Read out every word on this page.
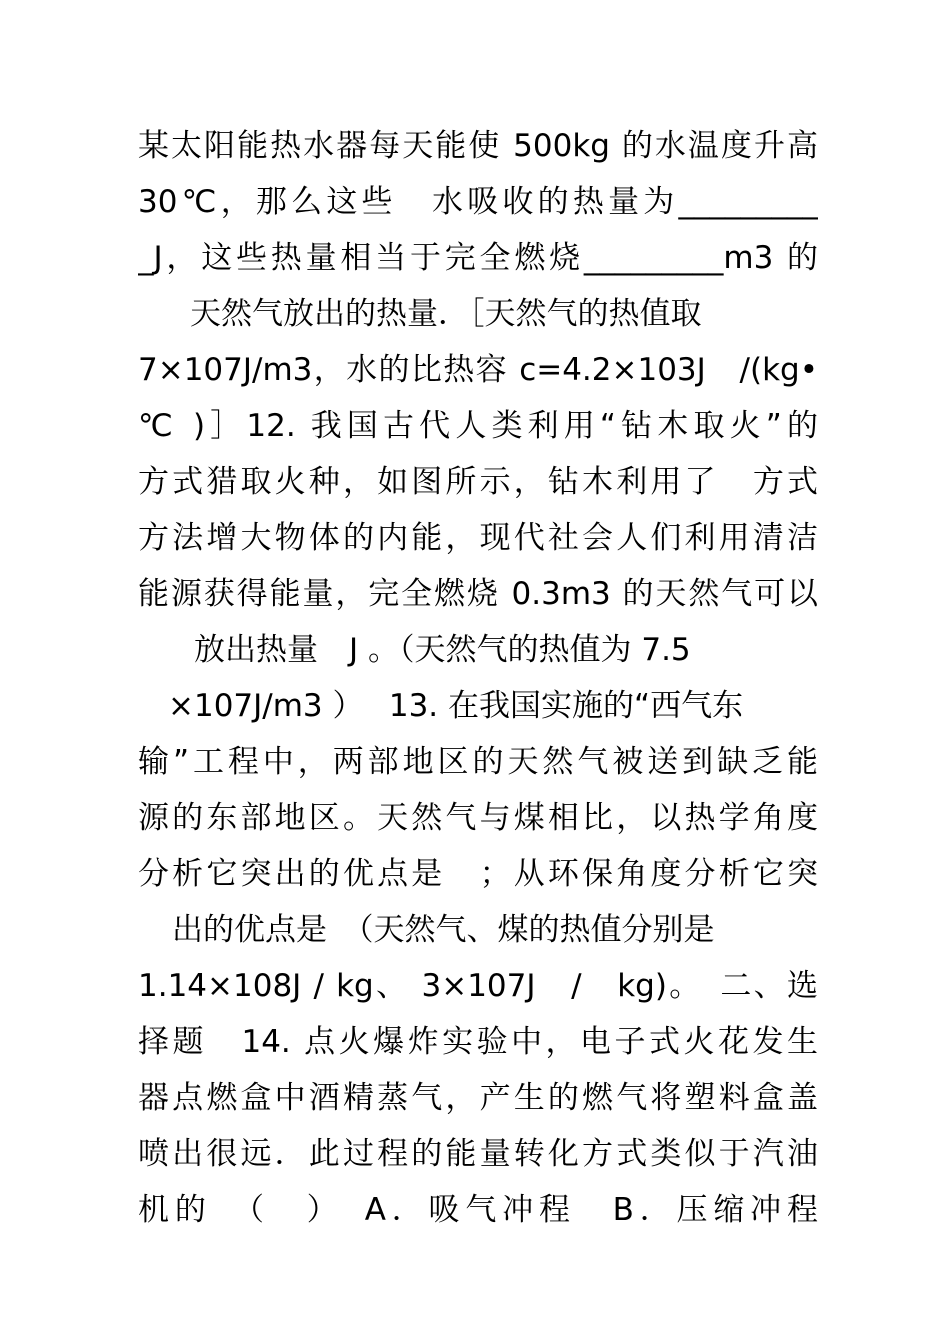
某太阳能热水器每天能使 500kg 的水温度升高
30℃，那么这些　水吸收的热量为_________
_J，这些热量相当于完全燃烧_________m3 的
天然气放出的热量．［天然气的热值取
7×107J/m3，水的比热容 c=4.2×103J　/(kg•
℃ )］12. 我国古代人类利用“钻木取火”的
方式猎取火种，如图所示，钻木利用了　方式
方法增大物体的内能，现代社会人们利用清洁
能源获得能量，完全燃烧 0.3m3 的天然气可以
放出热量　J 。（天然气的热值为 7.5
×107J/m3 ）　 13. 在我国实施的“西气东
输”工程中，两部地区的天然气被送到缺乏能
源的东部地区。天然气与煤相比，以热学角度
分析它突出的优点是　；从环保角度分析它突
出的优点是　（天然气、煤的热值分别是
1.14×108J / kg、 3×107J　/　kg)。　二、选
择题　14. 点火爆炸实验中，电子式火花发生
器点燃盒中酒精蒸气，产生的燃气将塑料盒盖
喷出很远．此过程的能量转化方式类似于汽油
机的　（　）　A．吸气冲程　B．压缩冲程
